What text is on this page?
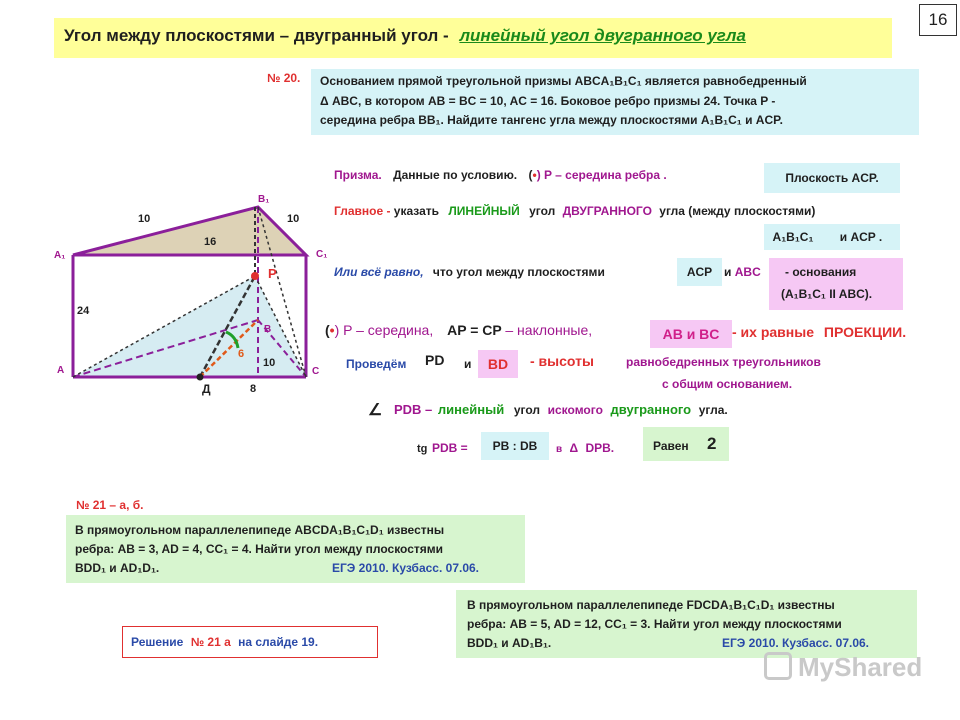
16
Угол между плоскостями – двугранный угол - линейный угол двугранного угла
№ 20. Основанием прямой треугольной призмы ABCA₁B₁C₁ является равнобедренный
Δ ABC, в котором AB = BC = 10, AC = 16. Боковое ребро призмы 24. Точка P -
середина ребра BB₁. Найдите тангенс угла между плоскостями A₁B₁C₁ и ACP.
B₁
A₁	C₁
A	C
B
P
Д
10	10
16
24
6
10
8
Призма. Данные по условию. (•) P – середина ребра .	Плоскость ACP.
Главное - указать ЛИНЕЙНЫЙ угол ДВУГРАННОГО угла (между плоскостями)
A₁B₁C₁	и ACP .
Или всё равно, что угол между плоскостями	ACP и ABC - основания
(A₁B₁C₁ II ABC).
(•) P – середина, AP = CP – наклонные,	AB и BC - их равные ПРОЕКЦИИ.
Проведём PD и	BD	- высоты	равнобедренных треугольников
с общим основанием.
∠ PDB – линейный угол искомого двугранного угла.
tg PDB =	PB : DB	в Δ DPB.	Равен 2
№ 21 – а, б.
В прямоугольном параллелепипеде ABCDA₁B₁C₁D₁ известны
ребра: AB = 3, AD = 4, CC₁ = 4. Найти угол между плоскостями
BDD₁ и AD₁D₁.	ЕГЭ 2010. Кузбасс. 07.06.
В прямоугольном параллелепипеде FDCDA₁B₁C₁D₁ известны
ребра: AB = 5, AD = 12, CC₁ = 3. Найти угол между плоскостями
BDD₁ и AD₁B₁.	ЕГЭ 2010. Кузбасс. 07.06.
Решение № 21 а на слайде 19.
MyShared
